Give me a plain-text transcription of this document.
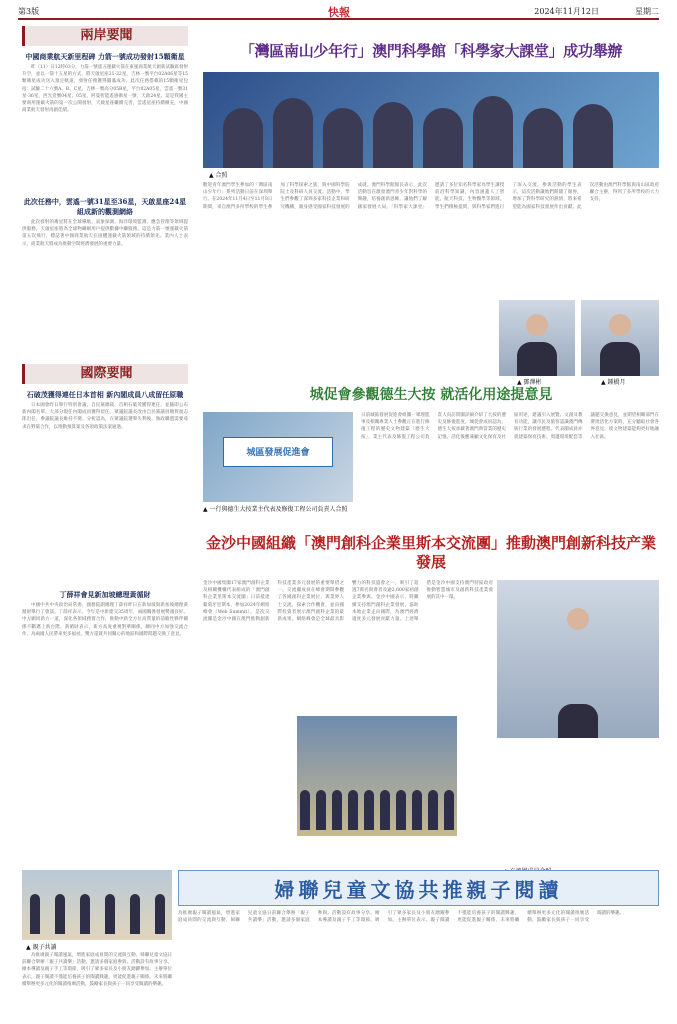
第3版	快報	2024年11月12日	星期二
兩岸要聞
中國商業航天新里程碑 力箭一號成功發射15顆衛星

昨（11）日12時03分，力箭一號遙五運載火箭在東風商業航天創新試驗區發射升空，並以一箭十五星的方式，將天啟星座21-32星、吉林一號平台02A06星等15顆衛星成功送入預定軌道，發射任務獲得圓滿成功。此次任務搭載的15顆衛星包括：試驗二十六號A、B、C星，吉林一號高分05B星，平台02A05星，雲遙一號31星-36星，西光壹號04星、05星，阿曼智能遙感衛星一號，天啟24星。這是我國主要商用運載火箭的第一次公開發射，天啟星座繼續完善，雲遙星座持續擴充，中國商業航天發射再創佳績。

此次任務中，雲遙一號31星至36星，天啟星座24星組成新的觀測網絡

此次發射的衛星將在全球導航、氣象探測、海洋環境監測、應急管理等領域提供服務，天啟星座將為全球物聯網用戶提供數據中繼服務。這是力箭一號運載火箭第五次飛行，標誌著中國商業航天在固體運載火箭領域的持續領先。業內人士表示，商業航天將成為推動空間經濟發展的重要力量。

國際要聞
石破茂獲得連任日本首相 新內閣成員八成留任原職

日本國會昨日舉行特別會議，自民黨總裁、首相石破茂獲得連任，並隨即公布新內閣名單。大部分現任內閣成員獲得留任。眾議院議長改由自民黨議員額賀福志郎出任，參議院議長維持不變。分析認為，在眾議院選舉失利後，執政聯盟需要尋求在野黨合作，以推動預算案及各項政策法案通過。

丁薛祥會見新加坡總理黃循財

中國中共中央政治局常委、國務院副總理丁薛祥昨日在新加坡與新加坡總理黃循財舉行了會談。丁薛祥表示，今年是中新建交35周年，兩國關係發展勢頭良好。中方願同新方一道，深化各領域務實合作，推動中新全方位高質量的前瞻性夥伴關係不斷邁上新台階。黃循財表示，新方高度重視對華關係，願同中方加強交流合作，為兩國人民帶來更多福祉。雙方還就共同關心的地區和國際問題交換了意見。

「灣區南山少年行」澳門科學館「科學家大課堂」成功舉辦
▲ 合照
歡迎青年澳門學生參加的「灣區南山少年行」系列活動日前在深圳舉行。在2024年11月4日至11月8日期間，來自澳門多所學校的學生參加了科學探索之旅，與中國科學院院士及科研人員交流。活動中，學生們參觀了深圳多家科技企業和研究機構，親身感受國家科技發展的成就。澳門科學館館長表示，此次活動旨在激發澳門青少年對科學的興趣，培養創新思維，讓他們了解國家發展大局。「科學家大課堂」邀請了多位知名科學家為學生講授前沿科學知識，內容涵蓋人工智能、航天科技、生物醫學等領域。學生們積極提問，與科學家們進行了深入交流。參與活動的學生表示，這次活動讓他們開闊了眼界，增加了對科學研究的熱情，將來希望能為國家科技發展作出貢獻。此次活動由澳門科學館與南山區政府聯合主辦，得到了多所學校的大力支持。
▲ 鄧澤彬
▲	鍾橋月
城促會參觀德生大按 就活化用途提意見
城區發展促進會
▲ 一行與德生大按業主代表及修復工程公司負責人合照
日前城區發展促進會組團一眾理監事及相關專業人士參觀正在進行修復工程的歷史文物建築「德生大按」，業主代表及修復工程公司負責人向訪問團詳細介紹了大按的歷史及修復進度。城促會成員認為，德生大按承載著澳門典當業的歷史記憶，活化後應兼顧文化保育及社區用途，建議引入展覽、文創及教育功能，讓市民及旅客認識澳門傳統行業的發展歷程。代表團成員亦就建築保育技術、周邊環境配套等議題交換意見，並期望相關部門在審批活化方案時，充分聽取社會各界意見，使文物建築能夠更好地融入社區。
金沙中國組織「澳門創科企業里斯本交流團」推動澳門創新科技产業發展
金沙中國集團17家澳門創科企業及相關機構代表組成的「澳門創科企業里斯本交流團」日前抵達葡萄牙里斯本，參加2024年網絡峰會（Web Summit）。是次交流團是金沙中國在澳門推動創新科技產業多元發展的重要舉措之一。交流團成員在峰會期間參觀了各國創科企業展位，與業界人士交流，探索合作機會，並向國際投資者展示澳門創科企業的最新成果。網絡峰會是全球最具影響力的科技盛會之一，吸引了超過7萬名與會者及逾2,600家初創企業參與。金沙中國表示，將繼續支持澳門創科企業發展，協助本地企業走向國際，為澳門經濟適度多元發展貢獻力量。上述舉措是金沙中國支持澳門特區政府推動智慧城市及創新科技產業發展的其中一環。
▲
▲ 親子共讀
婦聯兒童文協共推親子閱讀
為推廣親子閱讀風氣，增進家庭成員間的交流與互動，婦聯兒童文協日前聯合舉辦「親子共讀樂」活動，邀請多個家庭參與。活動設有故事分享、繪本導讀及親子手工等環節，吸引了眾多家長及小朋友踴躍參加。主辦單位表示，親子閱讀不僅能培養孩子的閱讀興趣，更能促進親子關係，未來將繼續舉辦更多元化的閱讀推廣活動，鼓勵家長與孩子一同享受閱讀的樂趣。

為推廣親子閱讀風氣，增進家庭成員間的交流與互動，婦聯兒童文協日前聯合舉辦「親子共讀樂」活動，邀請多個家庭參與。活動設有故事分享、繪本導讀及親子手工等環節，吸引了眾多家長及小朋友踴躍參加。主辦單位表示，親子閱讀不僅能培養孩子的閱讀興趣，更能促進親子關係，未來將繼續舉辦更多元化的閱讀推廣活動，鼓勵家長與孩子一同享受閱讀的樂趣。
